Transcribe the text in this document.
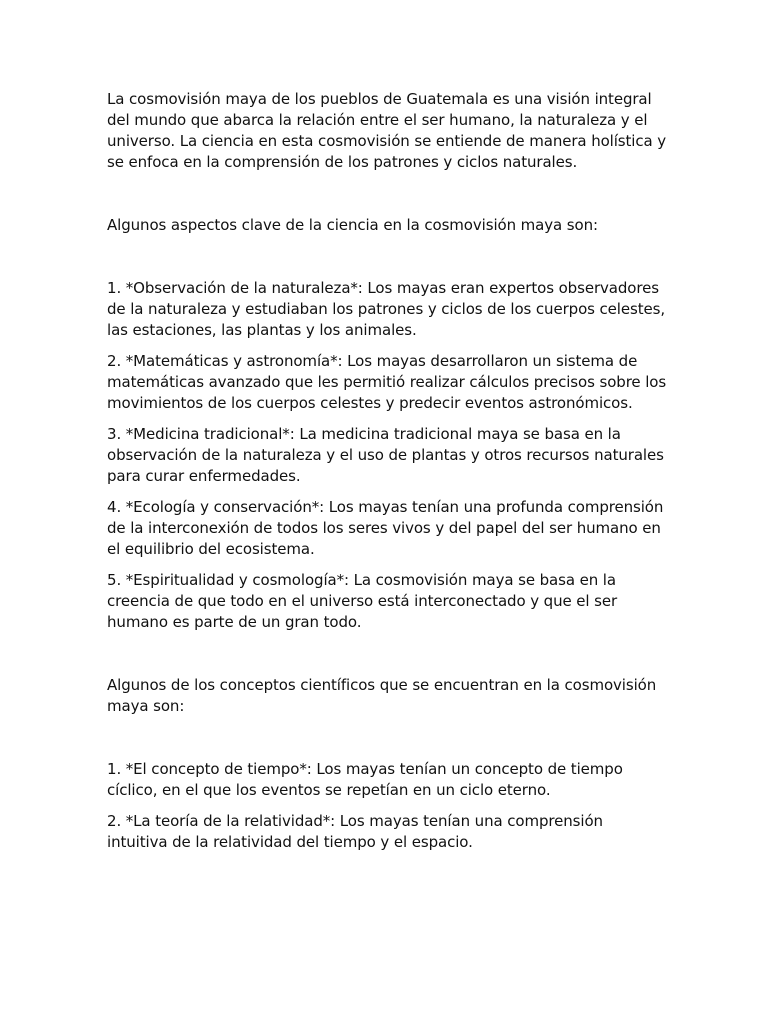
La cosmovisión maya de los pueblos de Guatemala es una visión integral del mundo que abarca la relación entre el ser humano, la naturaleza y el universo. La ciencia en esta cosmovisión se entiende de manera holística y se enfoca en la comprensión de los patrones y ciclos naturales.

Algunos aspectos clave de la ciencia en la cosmovisión maya son:

1. *Observación de la naturaleza*: Los mayas eran expertos observadores de la naturaleza y estudiaban los patrones y ciclos de los cuerpos celestes, las estaciones, las plantas y los animales.

2. *Matemáticas y astronomía*: Los mayas desarrollaron un sistema de matemáticas avanzado que les permitió realizar cálculos precisos sobre los movimientos de los cuerpos celestes y predecir eventos astronómicos.

3. *Medicina tradicional*: La medicina tradicional maya se basa en la observación de la naturaleza y el uso de plantas y otros recursos naturales para curar enfermedades.

4. *Ecología y conservación*: Los mayas tenían una profunda comprensión de la interconexión de todos los seres vivos y del papel del ser humano en el equilibrio del ecosistema.

5. *Espiritualidad y cosmología*: La cosmovisión maya se basa en la creencia de que todo en el universo está interconectado y que el ser humano es parte de un gran todo.

Algunos de los conceptos científicos que se encuentran en la cosmovisión maya son:

1. *El concepto de tiempo*: Los mayas tenían un concepto de tiempo cíclico, en el que los eventos se repetían en un ciclo eterno.

2. *La teoría de la relatividad*: Los mayas tenían una comprensión intuitiva de la relatividad del tiempo y el espacio.
